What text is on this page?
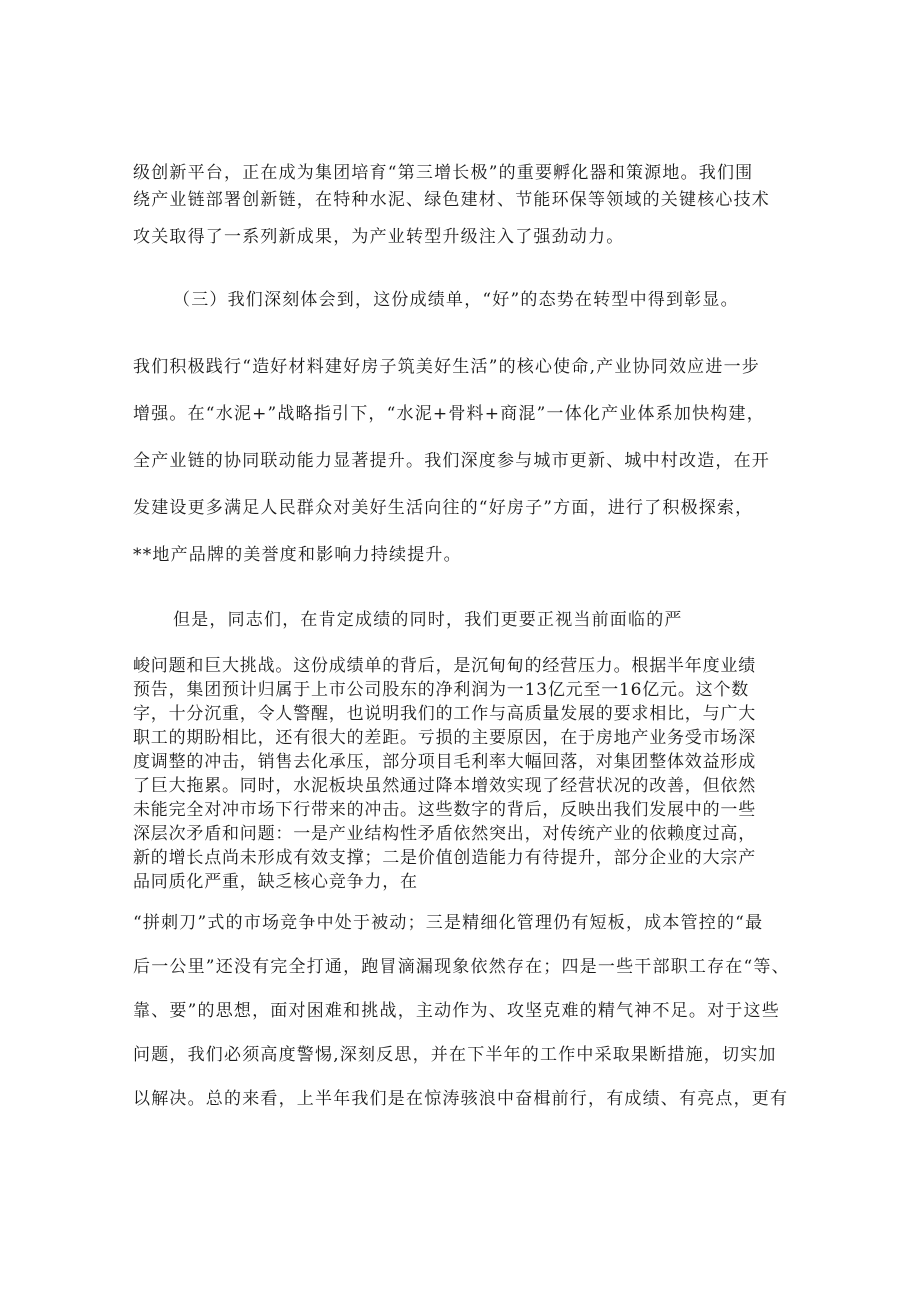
级创新平台，正在成为集团培育“第三增长极”的重要孵化器和策源地。我们围
绕产业链部署创新链，在特种水泥、绿色建材、节能环保等领域的关键核心技术
攻关取得了一系列新成果，为产业转型升级注入了强劲动力。
（三）我们深刻体会到，这份成绩单，“好”的态势在转型中得到彰显。
我们积极践行“造好材料建好房子筑美好生活”的核心使命,产业协同效应进一步
增强。在“水泥+”战略指引下，“水泥+骨料+商混”一体化产业体系加快构建，
全产业链的协同联动能力显著提升。我们深度参与城市更新、城中村改造，在开
发建设更多满足人民群众对美好生活向往的“好房子”方面，进行了积极探索，
**地产品牌的美誉度和影响力持续提升。
但是，同志们，在肯定成绩的同时，我们更要正视当前面临的严
峻问题和巨大挑战。这份成绩单的背后，是沉甸甸的经营压力。根据半年度业绩
预告，集团预计归属于上市公司股东的净利润为一13亿元至一16亿元。这个数
字，十分沉重，令人警醒，也说明我们的工作与高质量发展的要求相比，与广大
职工的期盼相比，还有很大的差距。亏损的主要原因，在于房地产业务受市场深
度调整的冲击，销售去化承压，部分项目毛利率大幅回落，对集团整体效益形成
了巨大拖累。同时，水泥板块虽然通过降本增效实现了经营状况的改善，但依然
未能完全对冲市场下行带来的冲击。这些数字的背后，反映出我们发展中的一些
深层次矛盾和问题：一是产业结构性矛盾依然突出，对传统产业的依赖度过高，
新的增长点尚未形成有效支撑；二是价值创造能力有待提升，部分企业的大宗产
品同质化严重，缺乏核心竞争力，在
“拼刺刀”式的市场竞争中处于被动；三是精细化管理仍有短板，成本管控的“最
后一公里”还没有完全打通，跑冒滴漏现象依然存在；四是一些干部职工存在“等、
靠、要”的思想，面对困难和挑战，主动作为、攻坚克难的精气神不足。对于这些
问题，我们必须高度警惕,深刻反思，并在下半年的工作中采取果断措施，切实加
以解决。总的来看，上半年我们是在惊涛骇浪中奋楫前行，有成绩、有亮点，更有
